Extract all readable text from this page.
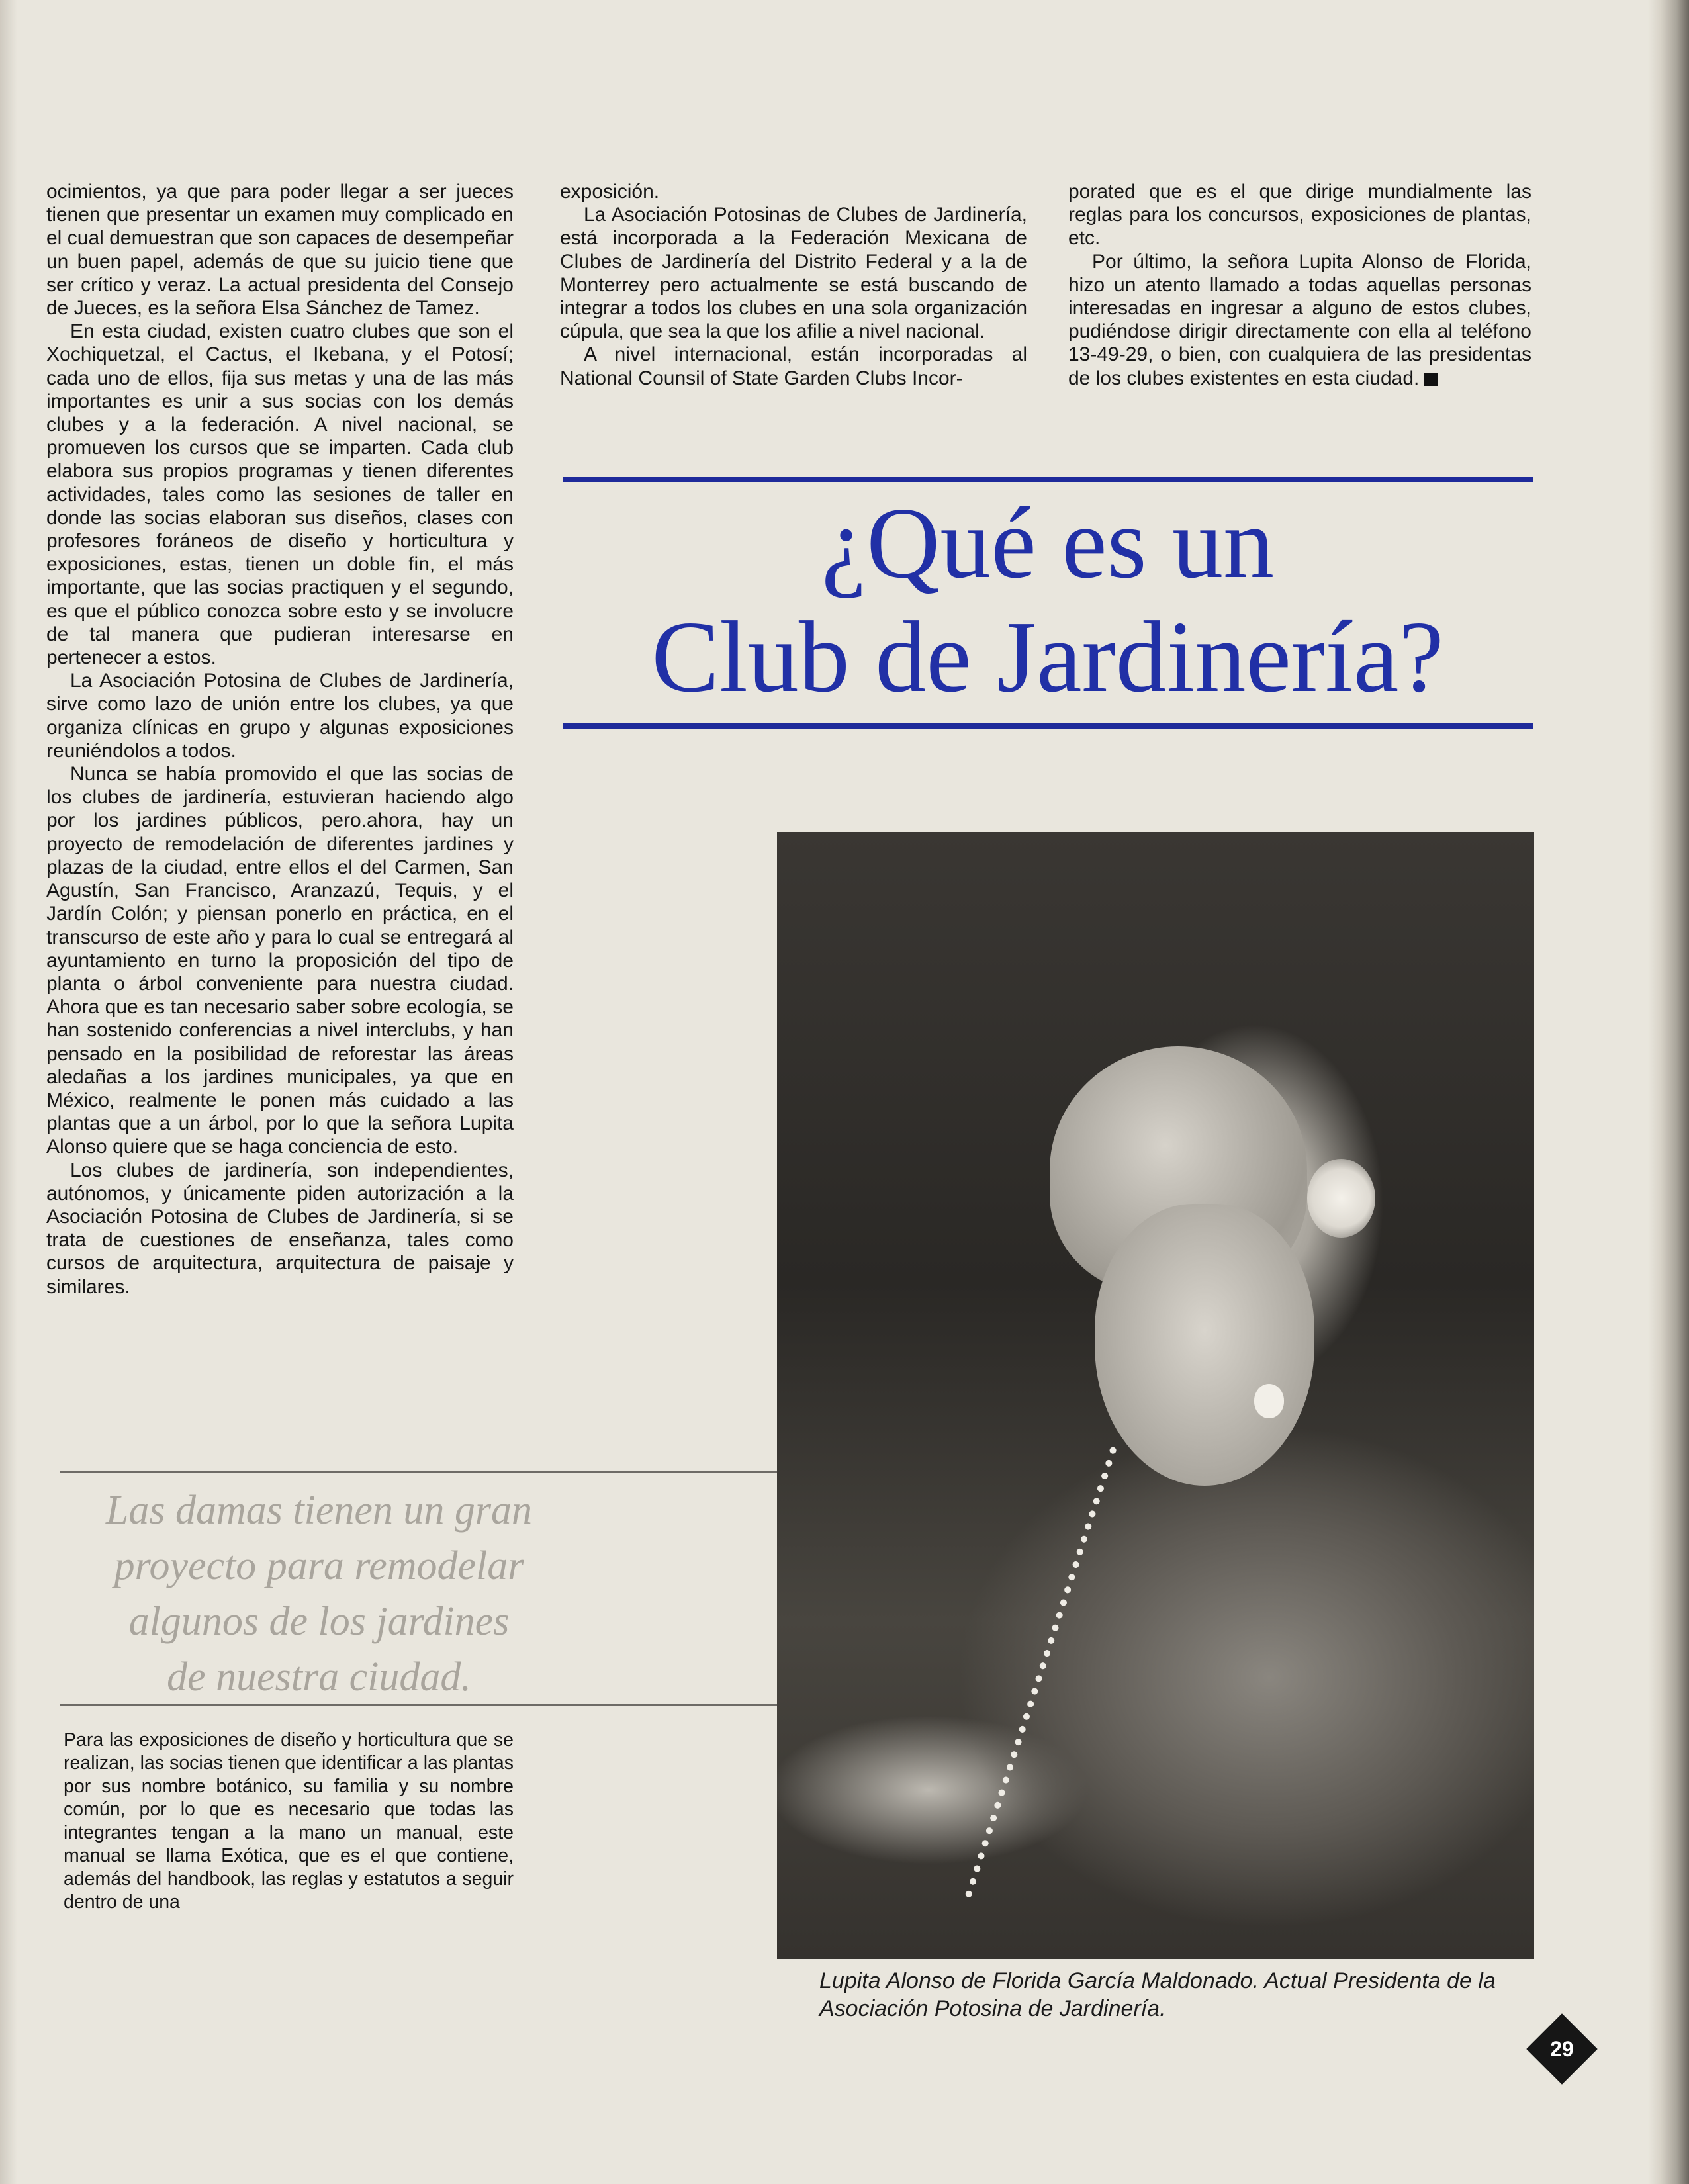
ocimientos, ya que para poder llegar a ser jueces tienen que presentar un examen muy complicado en el cual demuestran que son capaces de desempeñar un buen papel, además de que su juicio tiene que ser crítico y veraz. La actual presidenta del Consejo de Jueces, es la señora Elsa Sánchez de Tamez.

En esta ciudad, existen cuatro clubes que son el Xochiquetzal, el Cactus, el Ikebana, y el Potosí; cada uno de ellos, fija sus metas y una de las más importantes es unir a sus socias con los demás clubes y a la federación. A nivel nacional, se promueven los cursos que se imparten. Cada club elabora sus propios programas y tienen diferentes actividades, tales como las sesiones de taller en donde las socias elaboran sus diseños, clases con profesores foráneos de diseño y horticultura y exposiciones, estas, tienen un doble fin, el más importante, que las socias practiquen y el segundo, es que el público conozca sobre esto y se involucre de tal manera que pudieran interesarse en pertenecer a estos.

La Asociación Potosina de Clubes de Jardinería, sirve como lazo de unión entre los clubes, ya que organiza clínicas en grupo y algunas exposiciones reuniéndolos a todos.

Nunca se había promovido el que las socias de los clubes de jardinería, estuvieran haciendo algo por los jardines públicos, pero.ahora, hay un proyecto de remodelación de diferentes jardines y plazas de la ciudad, entre ellos el del Carmen, San Agustín, San Francisco, Aranzazú, Tequis, y el Jardín Colón; y piensan ponerlo en práctica, en el transcurso de este año y para lo cual se entregará al ayuntamiento en turno la proposición del tipo de planta o árbol conveniente para nuestra ciudad. Ahora que es tan necesario saber sobre ecología, se han sostenido conferencias a nivel interclubs, y han pensado en la posibilidad de reforestar las áreas aledañas a los jardines municipales, ya que en México, realmente le ponen más cuidado a las plantas que a un árbol, por lo que la señora Lupita Alonso quiere que se haga conciencia de esto.

Los clubes de jardinería, son independientes, autónomos, y únicamente piden autorización a la Asociación Potosina de Clubes de Jardinería, si se trata de cuestiones de enseñanza, tales como cursos de arquitectura, arquitectura de paisaje y similares.

exposición.

La Asociación Potosinas de Clubes de Jardinería, está incorporada a la Federación Mexicana de Clubes de Jardinería del Distrito Federal y a la de Monterrey pero actualmente se está buscando de integrar a todos los clubes en una sola organización cúpula, que sea la que los afilie a nivel nacional.

A nivel internacional, están incorporadas al National Counsil of State Garden Clubs Incor-

porated que es el que dirige mundialmente las reglas para los concursos, exposiciones de plantas, etc.

Por último, la señora Lupita Alonso de Florida, hizo un atento llamado a todas aquellas personas interesadas en ingresar a alguno de estos clubes, pudiéndose dirigir directamente con ella al teléfono 13-49-29, o bien, con cualquiera de las presidentas de los clubes existentes en esta ciudad.

¿Qué es un
Club de Jardinería?
Lupita Alonso de Florida García Maldonado. Actual Presidenta de la Asociación Potosina de Jardinería.
Las damas tienen un gran
proyecto para remodelar
algunos de los jardines
de nuestra ciudad.

Para las exposiciones de diseño y horticultura que se realizan, las socias tienen que identificar a las plantas por sus nombre botánico, su familia y su nombre común, por lo que es necesario que todas las integrantes tengan a la mano un manual, este manual se llama Exótica, que es el que contiene, además del handbook, las reglas y estatutos a seguir dentro de una

29
